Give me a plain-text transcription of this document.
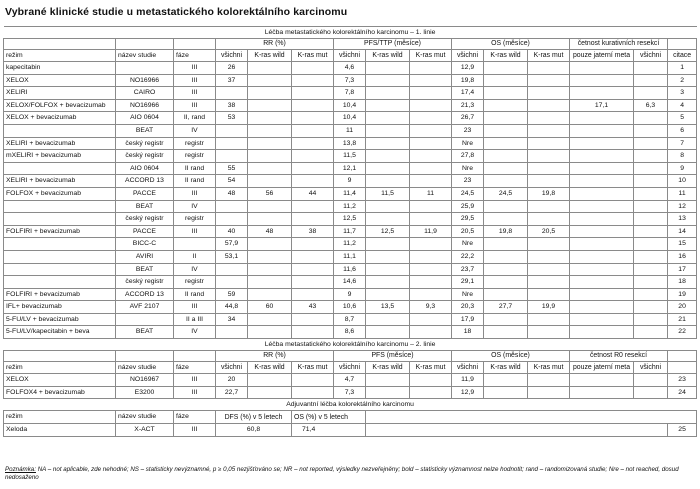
Vybrané klinické studie u metastatického kolorektálního karcinomu
Léčba metastatického kolorektálního karcinomu – 1. linie														
			RR (%)			PFS/TTP (měsíce)			OS (měsíce)			četnost kurativních resekcí		
režim	název studie	fáze	všichni	K-ras wild	K-ras mut	všichni	K-ras wild	K-ras mut	všichni	K-ras wild	K-ras mut	pouze jaterní meta	všichni	citace
kapecitabin		III	26			4,6			12,9					1
XELOX	NO16966	III	37			7,3			19,8					2
XELIRI	CAIRO	III				7,8			17,4					3
XELOX/FOLFOX + bevacizumab	NO16966	III	38			10,4			21,3			17,1	6,3	4
XELOX + bevacizumab	AIO 0604	II, rand	53			10,4			26,7					5
	BEAT	IV				11			23					6
XELIRI + bevacizumab	český registr	registr				13,8			Nre					7
mXELIRI + bevacizumab	český registr	registr				11,5			27,8					8
	AIO 0604	II rand	55			12,1			Nre					9
XELIRI + bevacizumab	ACCORD 13	II rand	54			9			23					10
FOLFOX + bevacizumab	PACCE	III	48	56	44	11,4	11,5	11	24,5	24,5	19,8			11
	BEAT	IV				11,2			25,9					12
	český registr	registr				12,5			29,5					13
FOLFIRI + bevacizumab	PACCE	III	40	48	38	11,7	12,5	11,9	20,5	19,8	20,5			14
	BICC-C		57,9			11,2			Nre					15
	AVIRI	II	53,1			11,1			22,2					16
	BEAT	IV				11,6			23,7					17
	český registr	registr				14,6			29,1					18
FOLFIRI + bevacizumab	ACCORD 13	II rand	59			9			Nre					19
IFL+ bevacizumab	AVF 2107	III	44,8	60	43	10,6	13,5	9,3	20,3	27,7	19,9			20
5-FU/LV + bevacizumab		II a III	34			8,7			17,9					21
5-FU/LV/kapecitabin + beva	BEAT	IV				8,6			18					22
Léčba metastatického kolorektálního karcinomu – 2. linie														
			RR (%)			PFS (měsíce)			OS (měsíce)			četnost R0 resekcí		
režim	název studie	fáze	všichni	K-ras wild	K-ras mut	všichni	K-ras wild	K-ras mut	všichni	K-ras wild	K-ras mut	pouze jaterní meta	všichni	
XELOX	NO16967	III	20			4,7			11,9					23
FOLFOX4 + bevacizumab	E3200	III	22,7			7,3			12,9					24
Adjuvantní léčba kolorektálního karcinomu														
režim	název studie	fáze	DFS (%) v 5 letech		OS (%) v 5 letech									
Xeloda	X-ACT	III	60,8		71,4									25
Poznámka: NA – not aplicable, zde nehodné; NS – statisticky nevýznamné, p ≥ 0,05 nezjišťováno se; NR – not reported, výsledky nezveřejněny; bold – statisticky významnost nelze hodnotit; rand – randomizovaná studie; Nre – not reached, dosud nedosaženo
